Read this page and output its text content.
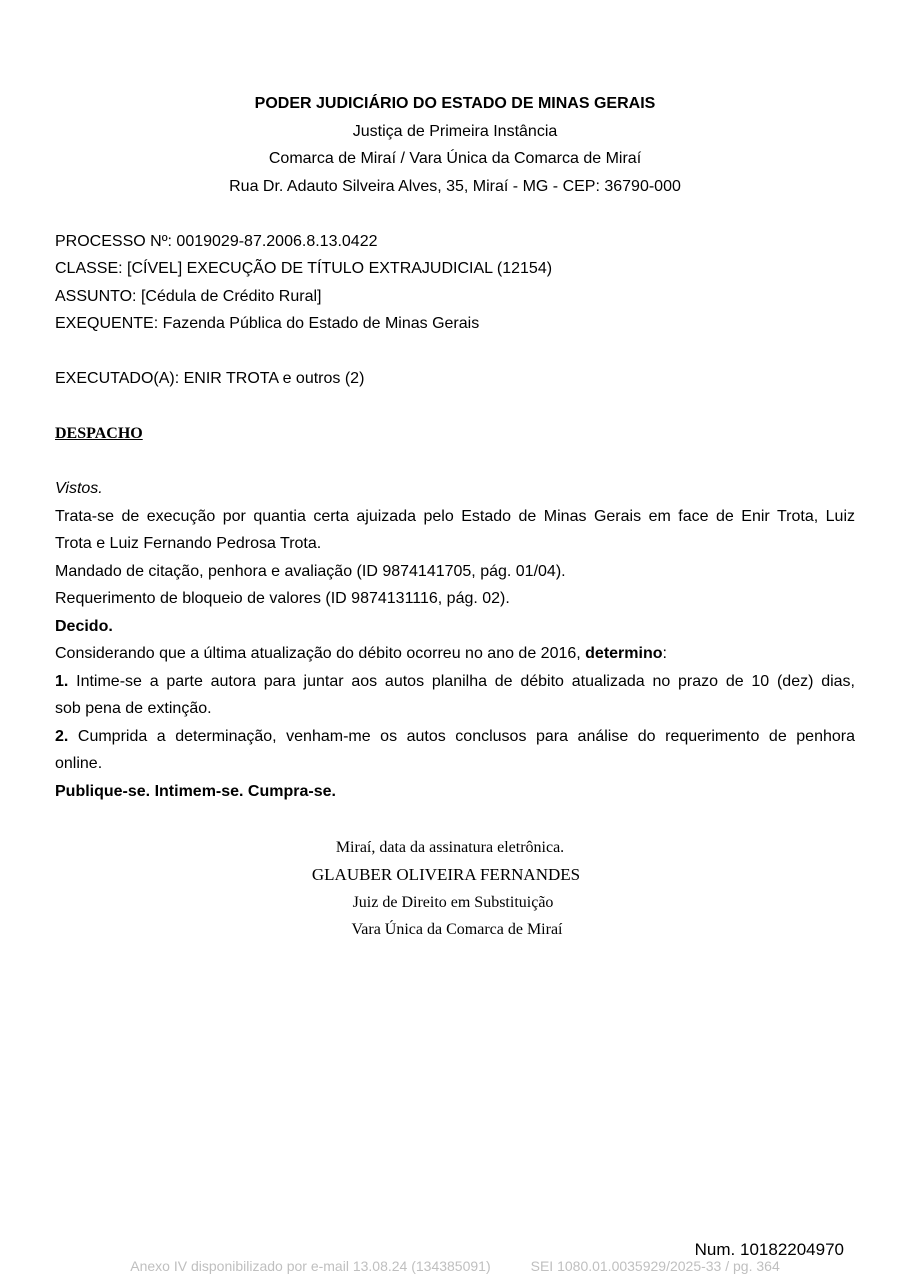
PODER JUDICIÁRIO DO ESTADO DE MINAS GERAIS
Justiça de Primeira Instância
Comarca de Miraí / Vara Única da Comarca de Miraí
Rua Dr. Adauto Silveira Alves, 35, Miraí - MG - CEP: 36790-000
PROCESSO Nº: 0019029-87.2006.8.13.0422
CLASSE: [CÍVEL] EXECUÇÃO DE TÍTULO EXTRAJUDICIAL (12154)
ASSUNTO: [Cédula de Crédito Rural]
EXEQUENTE: Fazenda Pública do Estado de Minas Gerais
EXECUTADO(A): ENIR TROTA e outros (2)
DESPACHO
Vistos.
Trata-se de execução por quantia certa ajuizada pelo Estado de Minas Gerais em face de Enir Trota, Luiz
Trota e Luiz Fernando Pedrosa Trota.
Mandado de citação, penhora e avaliação (ID 9874141705, pág. 01/04).
Requerimento de bloqueio de valores (ID 9874131116, pág. 02).
Decido.
Considerando que a última atualização do débito ocorreu no ano de 2016, determino:
1. Intime-se a parte autora para juntar aos autos planilha de débito atualizada no prazo de 10 (dez) dias,
sob pena de extinção.
2. Cumprida a determinação, venham-me os autos conclusos para análise do requerimento de penhora
online.
Publique-se. Intimem-se. Cumpra-se.
Miraí, data da assinatura eletrônica.
GLAUBER OLIVEIRA FERNANDES
Juiz de Direito em Substituição
Vara Única da Comarca de Miraí
Num. 10182204970
Anexo IV disponibilizado por e-mail 13.08.24 (134385091)	SEI 1080.01.0035929/2025-33 / pg. 364
